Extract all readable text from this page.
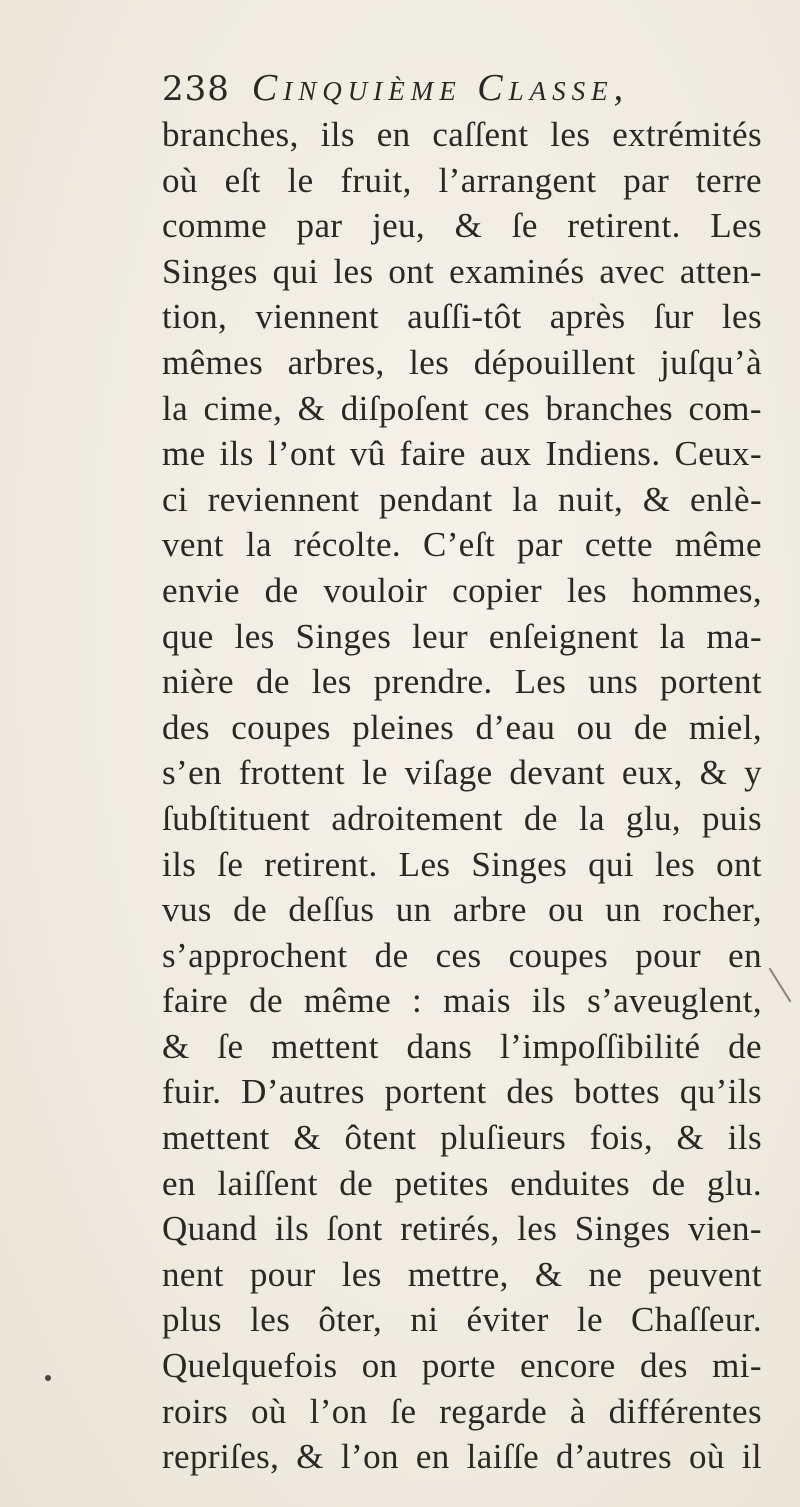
238 Cinquième Classe,
branches, ils en caſſent les extrémités
où eſt le fruit, l’arrangent par terre
comme par jeu, & ſe retirent. Les
Singes qui les ont examinés avec atten-
tion, viennent auſſi-tôt après ſur les
mêmes arbres, les dépouillent juſqu’à
la cime, & diſpoſent ces branches com-
me ils l’ont vû faire aux Indiens. Ceux-
ci reviennent pendant la nuit, & enlè-
vent la récolte. C’eſt par cette même
envie de vouloir copier les hommes,
que les Singes leur enſeignent la ma-
nière de les prendre. Les uns portent
des coupes pleines d’eau ou de miel,
s’en frottent le viſage devant eux, & y
ſubſtituent adroitement de la glu, puis
ils ſe retirent. Les Singes qui les ont
vus de deſſus un arbre ou un rocher,
s’approchent de ces coupes pour en
faire de même : mais ils s’aveuglent,
& ſe mettent dans l’impoſſibilité de
fuir. D’autres portent des bottes qu’ils
mettent & ôtent pluſieurs fois, & ils
en laiſſent de petites enduites de glu.
Quand ils ſont retirés, les Singes vien-
nent pour les mettre, & ne peuvent
plus les ôter, ni éviter le Chaſſeur.
Quelquefois on porte encore des mi-
roirs où l’on ſe regarde à différentes
repriſes, & l’on en laiſſe d’autres où il
